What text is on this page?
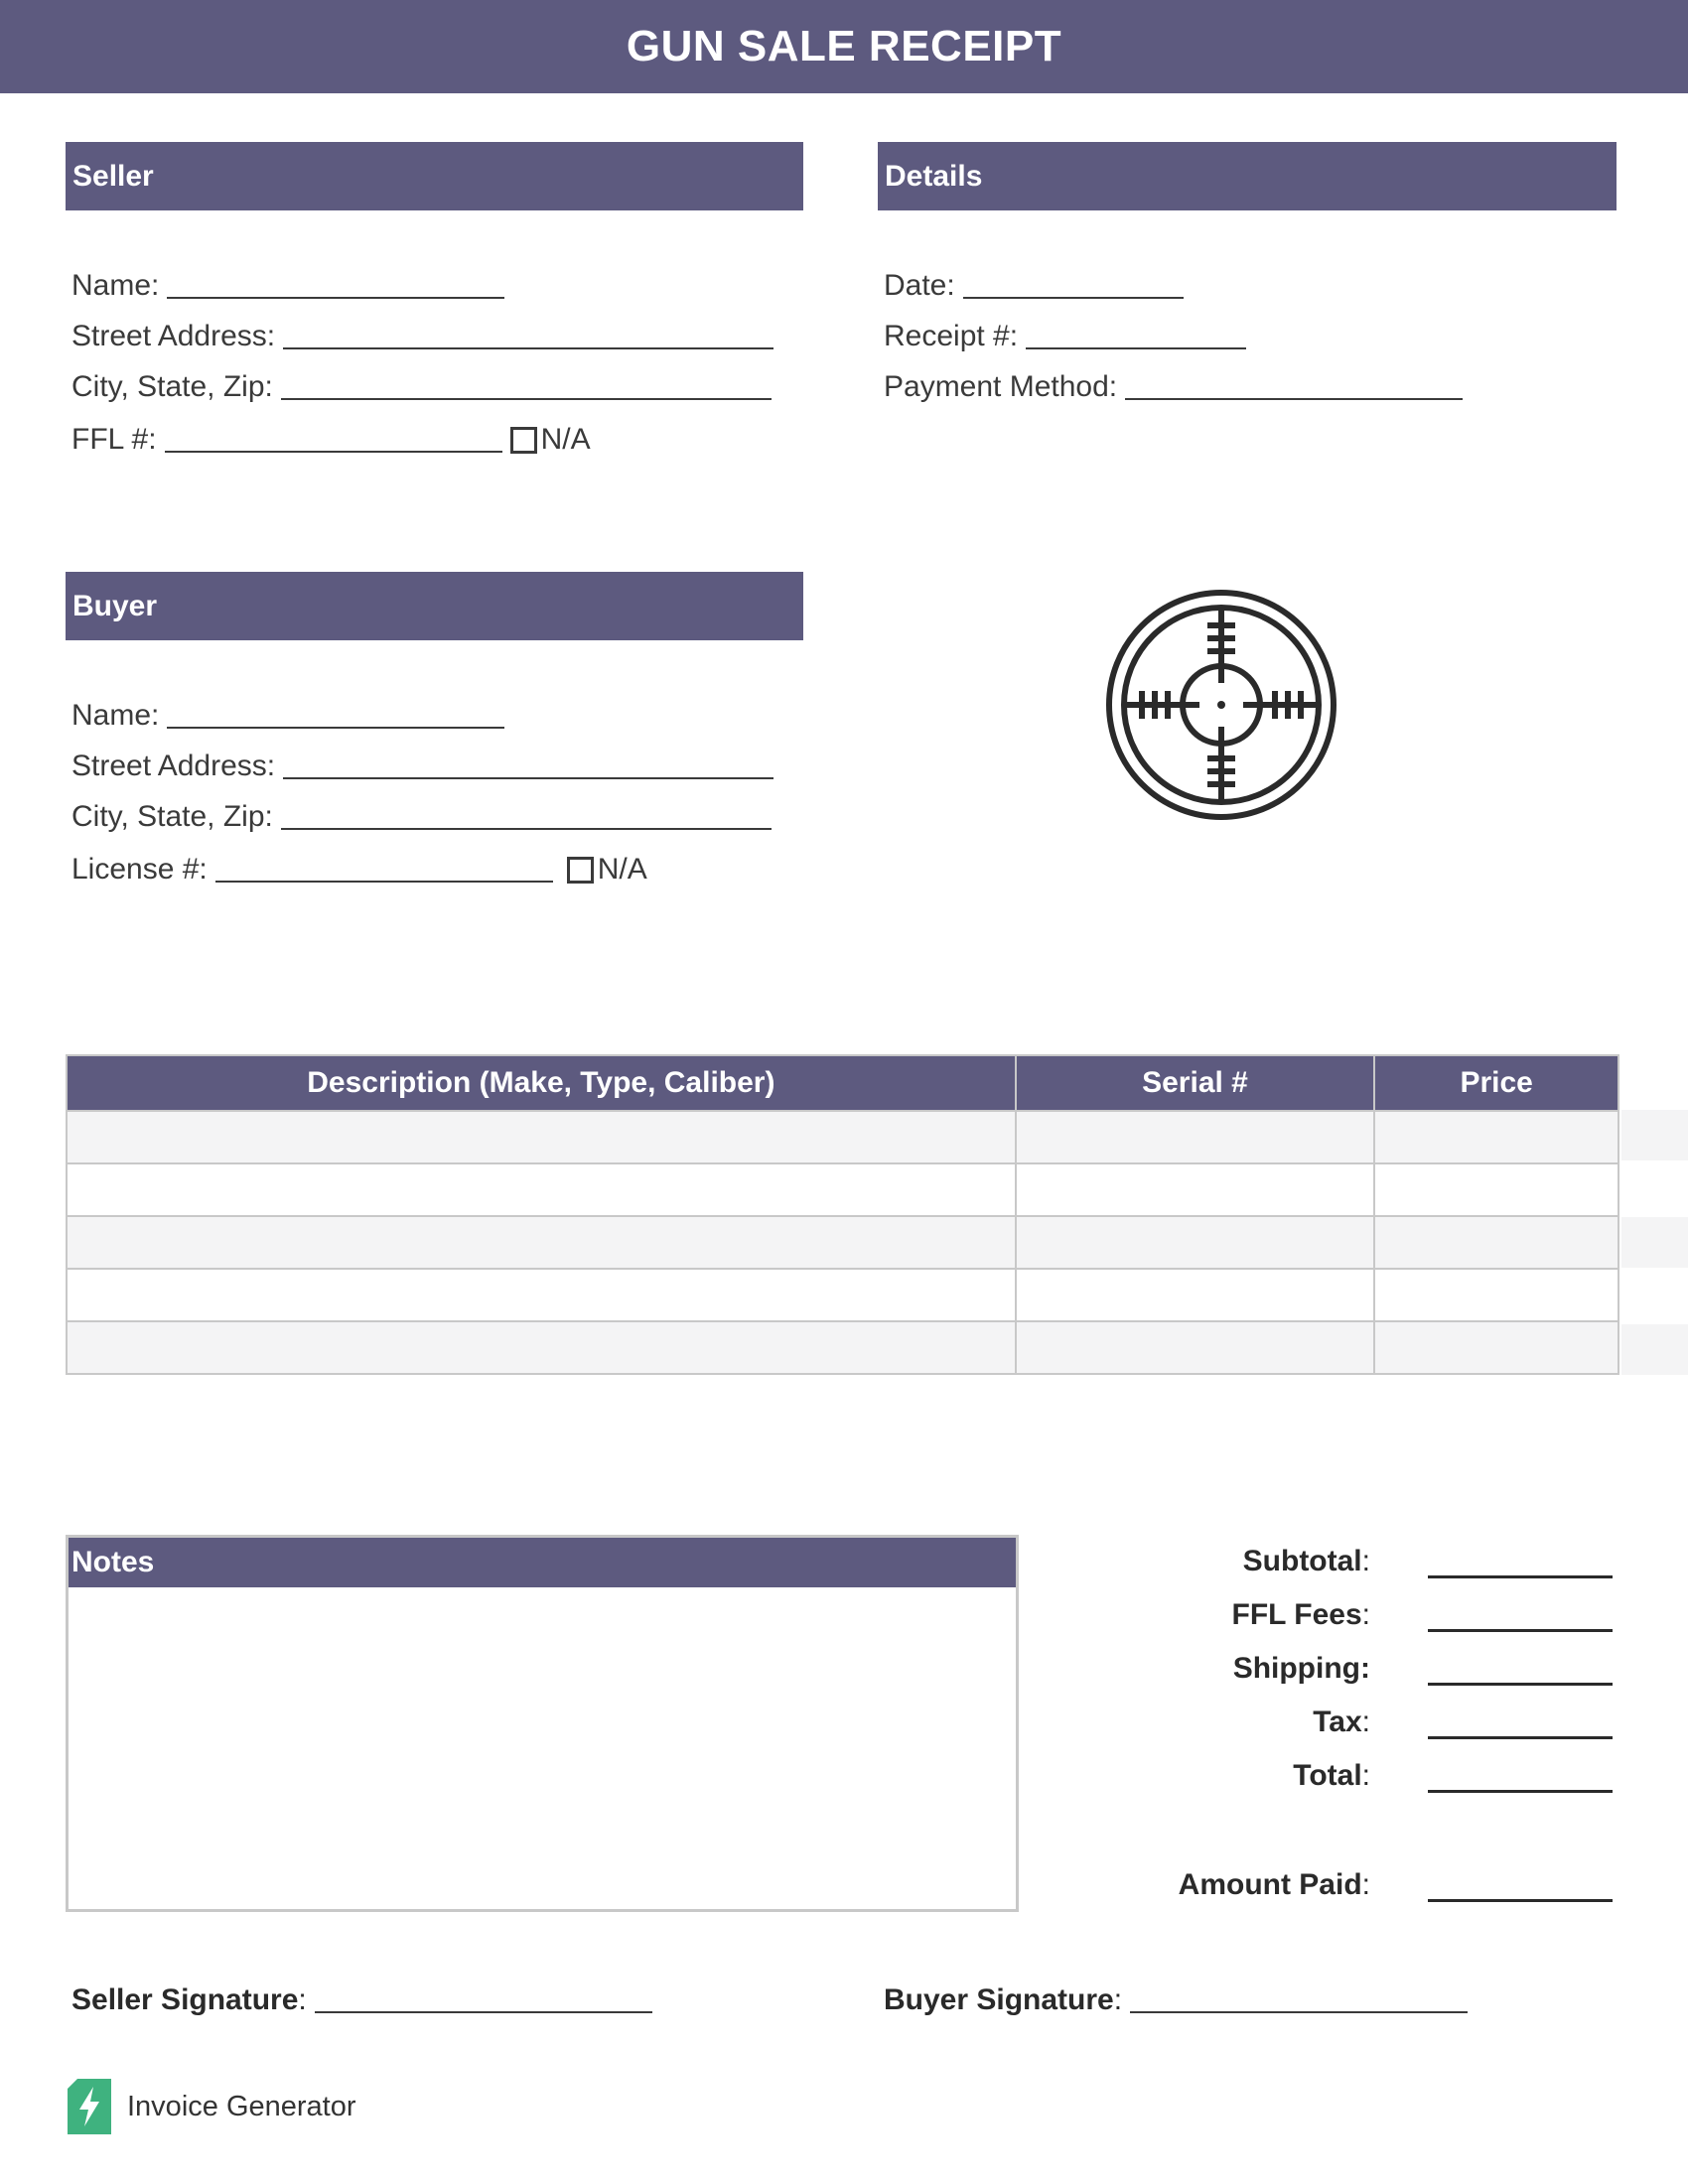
GUN SALE RECEIPT
Seller
Name:
Street Address:
City, State, Zip:
FFL #:	N/A
Details
Date:
Receipt #:
Payment Method:
Buyer
Name:
Street Address:
City, State, Zip:
License #:	N/A
Description (Make, Type, Caliber)	Serial #	Price

Notes	Subtotal:
FFL Fees:
Shipping:
Tax:
Total:
Amount Paid:
Seller Signature :	Buyer Signature :
Invoice Generator
